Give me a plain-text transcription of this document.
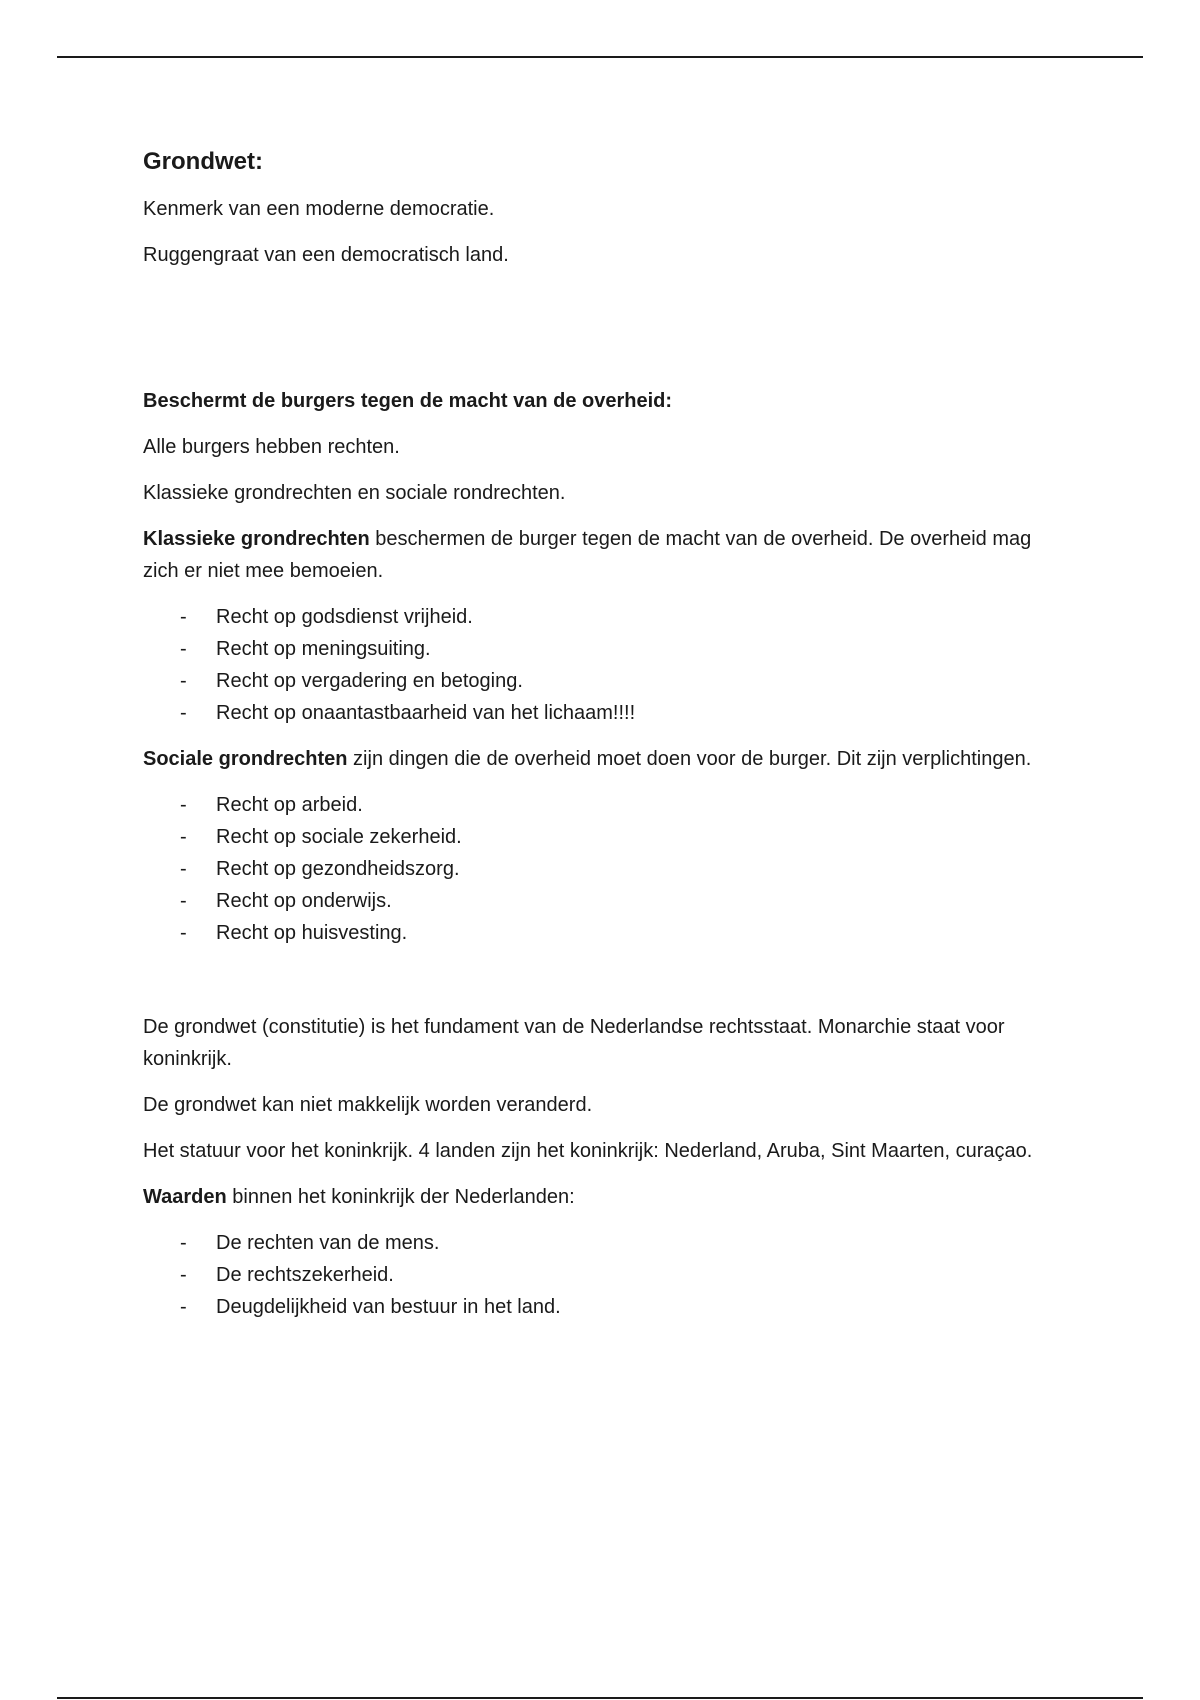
Grondwet:

Kenmerk van een moderne democratie.

Ruggengraat van een democratisch land.

Beschermt de burgers tegen de macht van de overheid:

Alle burgers hebben rechten.

Klassieke grondrechten en sociale rondrechten.

Klassieke grondrechten beschermen de burger tegen de macht van de overheid. De overheid mag zich er niet mee bemoeien.

- Recht op godsdienst vrijheid.
- Recht op meningsuiting.
- Recht op vergadering en betoging.
- Recht op onaantastbaarheid van het lichaam!!!!

Sociale grondrechten zijn dingen die de overheid moet doen voor de burger. Dit zijn verplichtingen.

- Recht op arbeid.
- Recht op sociale zekerheid.
- Recht op gezondheidszorg.
- Recht op onderwijs.
- Recht op huisvesting.

De grondwet (constitutie) is het fundament van de Nederlandse rechtsstaat. Monarchie staat voor koninkrijk.

De grondwet kan niet makkelijk worden veranderd.

Het statuur voor het koninkrijk. 4 landen zijn het koninkrijk: Nederland, Aruba, Sint Maarten, curaçao.

Waarden binnen het koninkrijk der Nederlanden:

- De rechten van de mens.
- De rechtszekerheid.
- Deugdelijkheid van bestuur in het land.
